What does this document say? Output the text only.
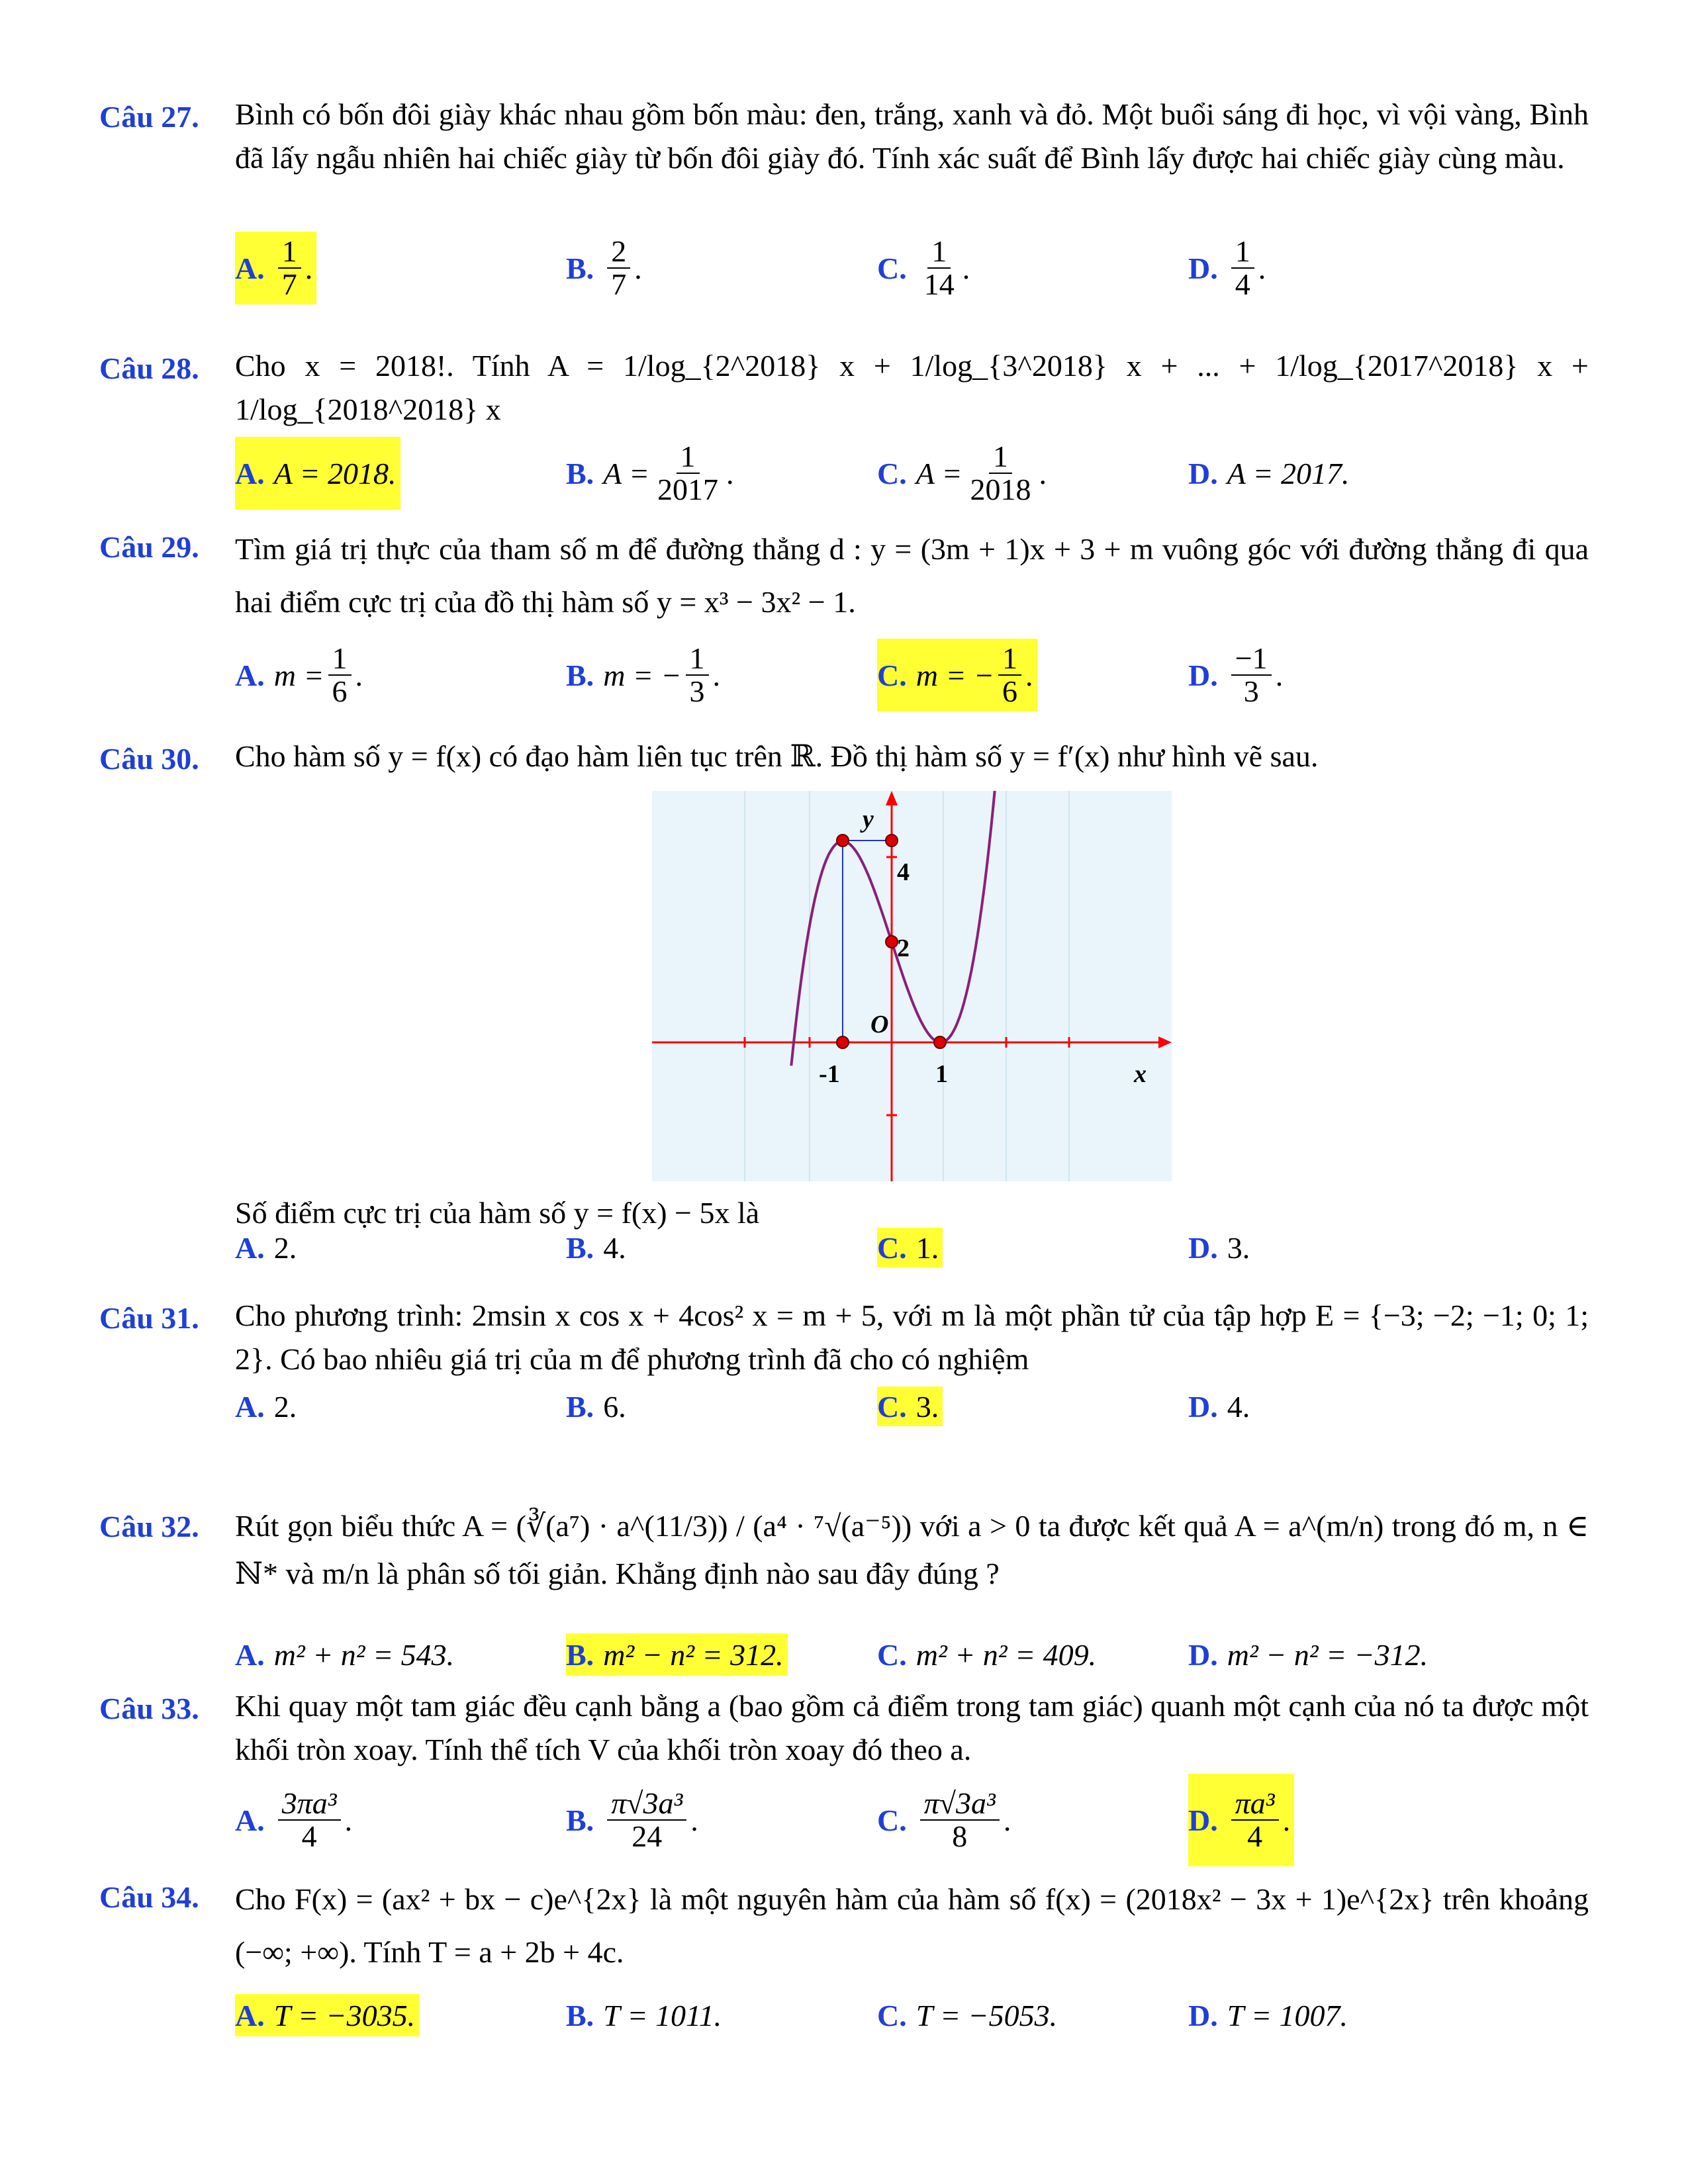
Câu 27. Bình có bốn đôi giày khác nhau gồm bốn màu: đen, trắng, xanh và đỏ. Một buổi sáng đi học, vì vội vàng, Bình đã lấy ngẫu nhiên hai chiếc giày từ bốn đôi giày đó. Tính xác suất để Bình lấy được hai chiếc giày cùng màu.
A. $\frac{1}{7}$ .	B. $\frac{2}{7}$ .	C. $\frac{1}{14}$ .	D. $\frac{1}{4}$ .
Câu 28. Cho x = 2018!. Tính A = 1/log_{2^2018} x + 1/log_{3^2018} x + ... + 1/log_{2017^2018} x + 1/log_{2018^2018} x
A. A = 2018.	B. $A = \frac{1}{2017}$ .	C. $A = \frac{1}{2018}$ .	D. A = 2017.
Câu 29. Tìm giá trị thực của tham số m để đường thẳng d : y = (3m + 1)x + 3 + m vuông góc với đường thẳng đi qua hai điểm cực trị của đồ thị hàm số y = x³ − 3x² − 1.
A. $m = \frac{1}{6}$ .	B. m = − $\frac{1}{3}$ .	C. m = − $\frac{1}{6}$ .	D. $\frac{-1}{3}$ .
Câu 30. Cho hàm số y = f(x) có đạo hàm liên tục trên ℝ. Đồ thị hàm số y = f′(x) như hình vẽ sau.
y
4
2
O
-1	1	x
Số điểm cực trị của hàm số y = f(x) − 5x là
A. 2.	B. 4.	C. 1.	D. 3.
Câu 31. Cho phương trình: 2msin x cos x + 4cos² x = m + 5, với m là một phần tử của tập hợp E = {−3; −2; −1; 0; 1; 2}. Có bao nhiêu giá trị của m để phương trình đã cho có nghiệm
A. 2.	B. 6.	C. 3.	D. 4.
Câu 32. Rút gọn biểu thức A = (∛(a⁷) · a^(11/3)) / (a⁴ · ⁷√(a⁻⁵)) với a > 0 ta được kết quả A = a^(m/n) trong đó m, n ∈ ℕ* và m/n là phân số tối giản. Khẳng định nào sau đây đúng ?
A. m² + n² = 543.	B. m² − n² = 312.	C. m² + n² = 409.	D. m² − n² = −312.
Câu 33. Khi quay một tam giác đều cạnh bằng a (bao gồm cả điểm trong tam giác) quanh một cạnh của nó ta được một khối tròn xoay. Tính thể tích V của khối tròn xoay đó theo a.
A. $\frac{\text{3πa³}}{4}$ .	B. $\frac{\text{π√3a³}}{24}$ .	C. $\frac{\text{π√3a³}}{8}$ .	D. $\frac{\text{πa³}}{4}$ .
Câu 34. Cho F(x) = (ax² + bx − c)e^{2x} là một nguyên hàm của hàm số f(x) = (2018x² − 3x + 1)e^{2x} trên khoảng (−∞; +∞). Tính T = a + 2b + 4c.
A. T = −3035.	B. T = 1011.	C. T = −5053.	D. T = 1007.
